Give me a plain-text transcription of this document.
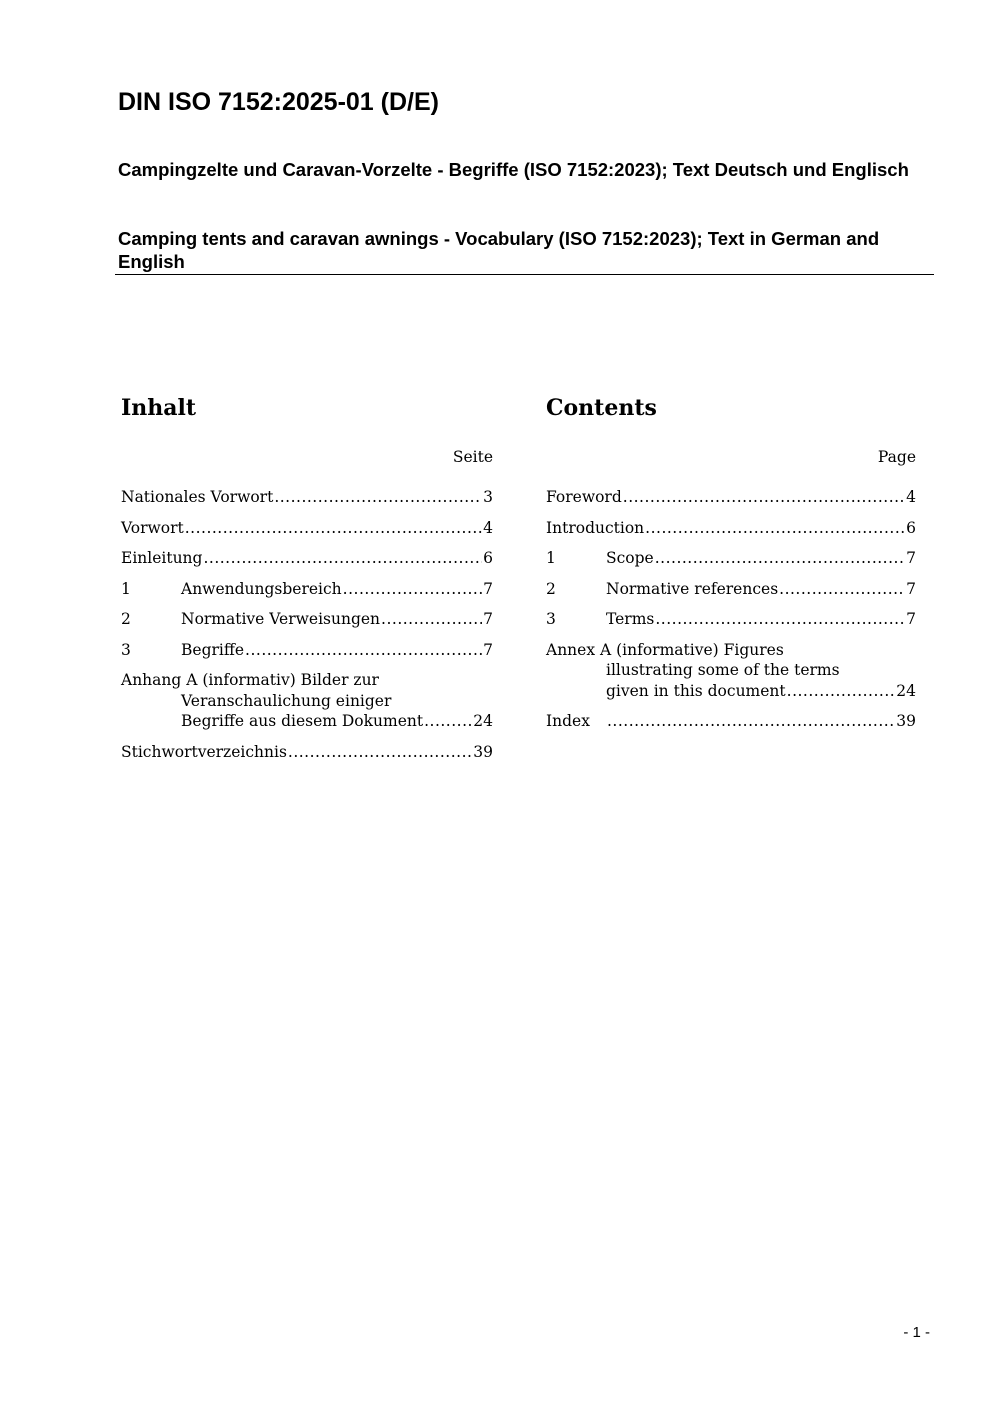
DIN ISO 7152:2025-01 (D/E)
Campingzelte und Caravan-Vorzelte - Begriffe (ISO 7152:2023); Text Deutsch und Englisch
Camping tents and caravan awnings - Vocabulary (ISO 7152:2023); Text in German and English
Inhalt
Seite
Nationales Vorwort .....	3
Vorwort .....	4
Einleitung .....	6
1	Anwendungsbereich .....	7
2	Normative Verweisungen .....	7
3	Begriffe .....	7
Anhang A (informativ) Bilder zur
Veranschaulichung einiger
Begriffe aus diesem Dokument .....	24
Stichwortverzeichnis .....	39
Contents
Page
Foreword .....	4
Introduction .....	6
1	Scope .....	7
2	Normative references .....	7
3	Terms .....	7
Annex A (informative) Figures
illustrating some of the terms
given in this document .....	24
Index .....	39
- 1 -
